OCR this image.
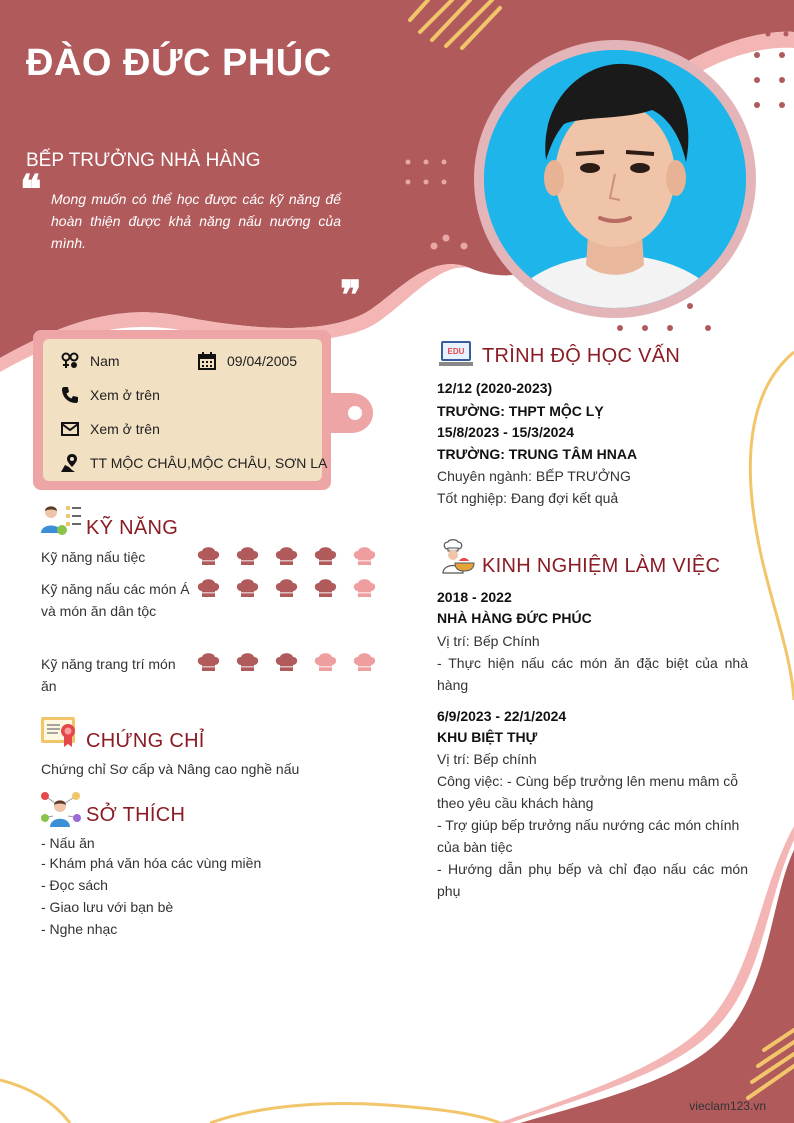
ĐÀO ĐỨC PHÚC
BẾP TRƯỞNG NHÀ HÀNG
❝ Mong muốn có thể học được các kỹ năng để hoàn thiện được khả năng nấu nướng của mình.
❞
Nam	09/04/2005
Xem ở trên
Xem ở trên
TT MỘC CHÂU,MỘC CHÂU, SƠN LA
KỸ NĂNG
Kỹ năng nấu tiệc
Kỹ năng nấu các món Á và món ăn dân tộc
Kỹ năng trang trí món ăn
CHỨNG CHỈ
Chứng chỉ Sơ cấp và Nâng cao nghề nấu
SỞ THÍCH
- Nấu ăn
- Khám phá văn hóa các vùng miền
- Đọc sách
- Giao lưu với bạn bè
- Nghe nhạc
EDU TRÌNH ĐỘ HỌC VẤN
12/12 (2020-2023)
TRƯỜNG: THPT MỘC LỴ
15/8/2023 - 15/3/2024
TRƯỜNG: TRUNG TÂM HNAA
Chuyên ngành: BẾP TRƯỞNG
Tốt nghiệp: Đang đợi kết quả
KINH NGHIỆM LÀM VIỆC
2018 - 2022
NHÀ HÀNG ĐỨC PHÚC
Vị trí: Bếp Chính
- Thực hiện nấu các món ăn đặc biệt của nhà hàng
6/9/2023 - 22/1/2024
KHU BIỆT THỰ
Vị trí: Bếp chính
Công việc: - Cùng bếp trưởng lên menu mâm cỗ theo yêu cầu khách hàng
- Trợ giúp bếp trưởng nấu nướng các món chính của bàn tiệc
- Hướng dẫn phụ bếp và chỉ đạo nấu các món phụ
vieclam123.vn
